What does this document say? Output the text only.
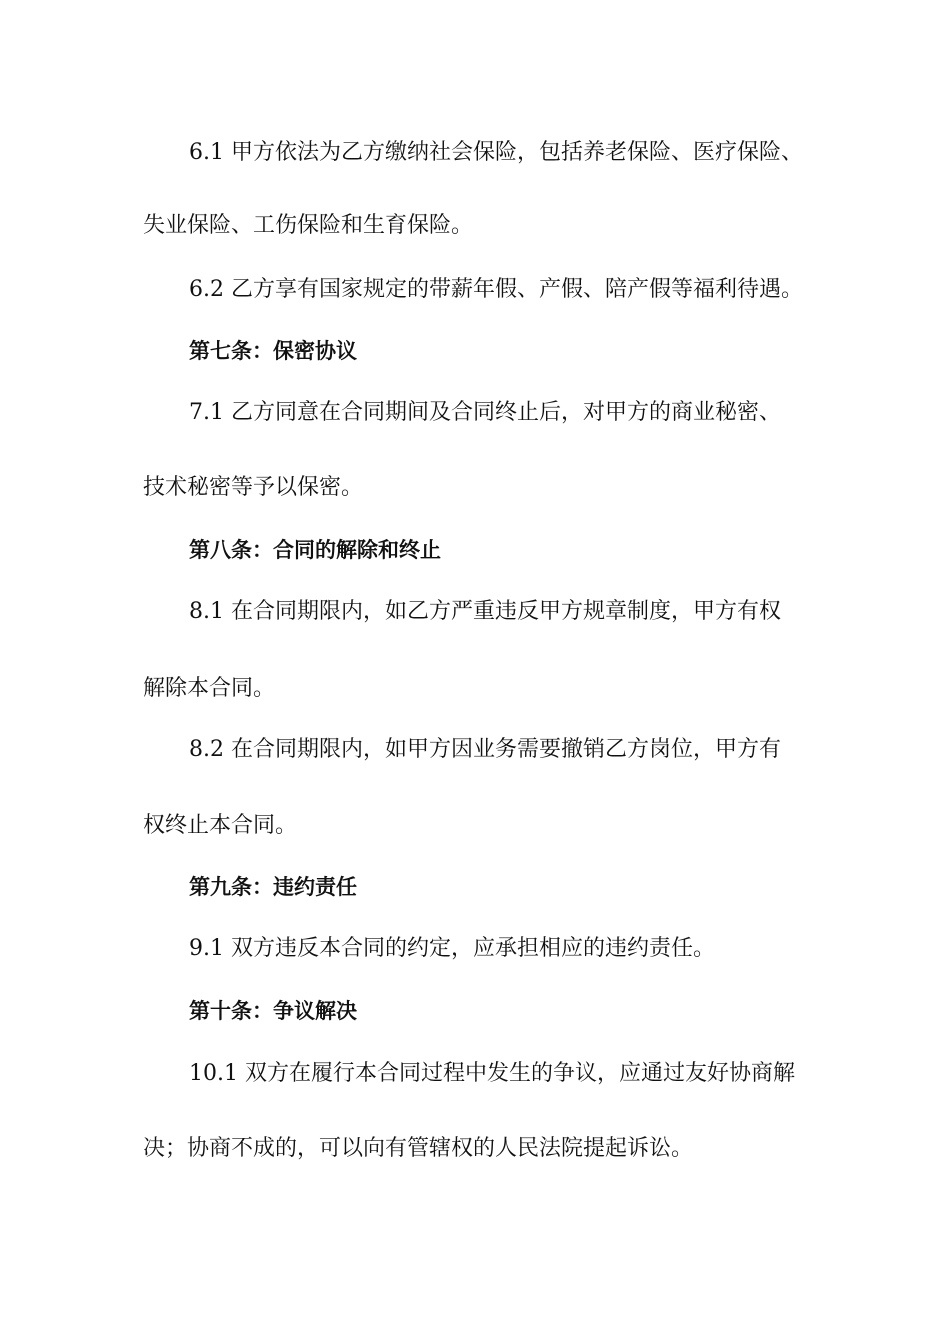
6.1 甲方依法为乙方缴纳社会保险，包括养老保险、医疗保险、
失业保险、工伤保险和生育保险。
6.2 乙方享有国家规定的带薪年假、产假、陪产假等福利待遇。
第七条：保密协议
7.1 乙方同意在合同期间及合同终止后，对甲方的商业秘密、
技术秘密等予以保密。
第八条：合同的解除和终止
8.1 在合同期限内，如乙方严重违反甲方规章制度，甲方有权
解除本合同。
8.2 在合同期限内，如甲方因业务需要撤销乙方岗位，甲方有
权终止本合同。
第九条：违约责任
9.1 双方违反本合同的约定，应承担相应的违约责任。
第十条：争议解决
10.1 双方在履行本合同过程中发生的争议，应通过友好协商解
决；协商不成的，可以向有管辖权的人民法院提起诉讼。
